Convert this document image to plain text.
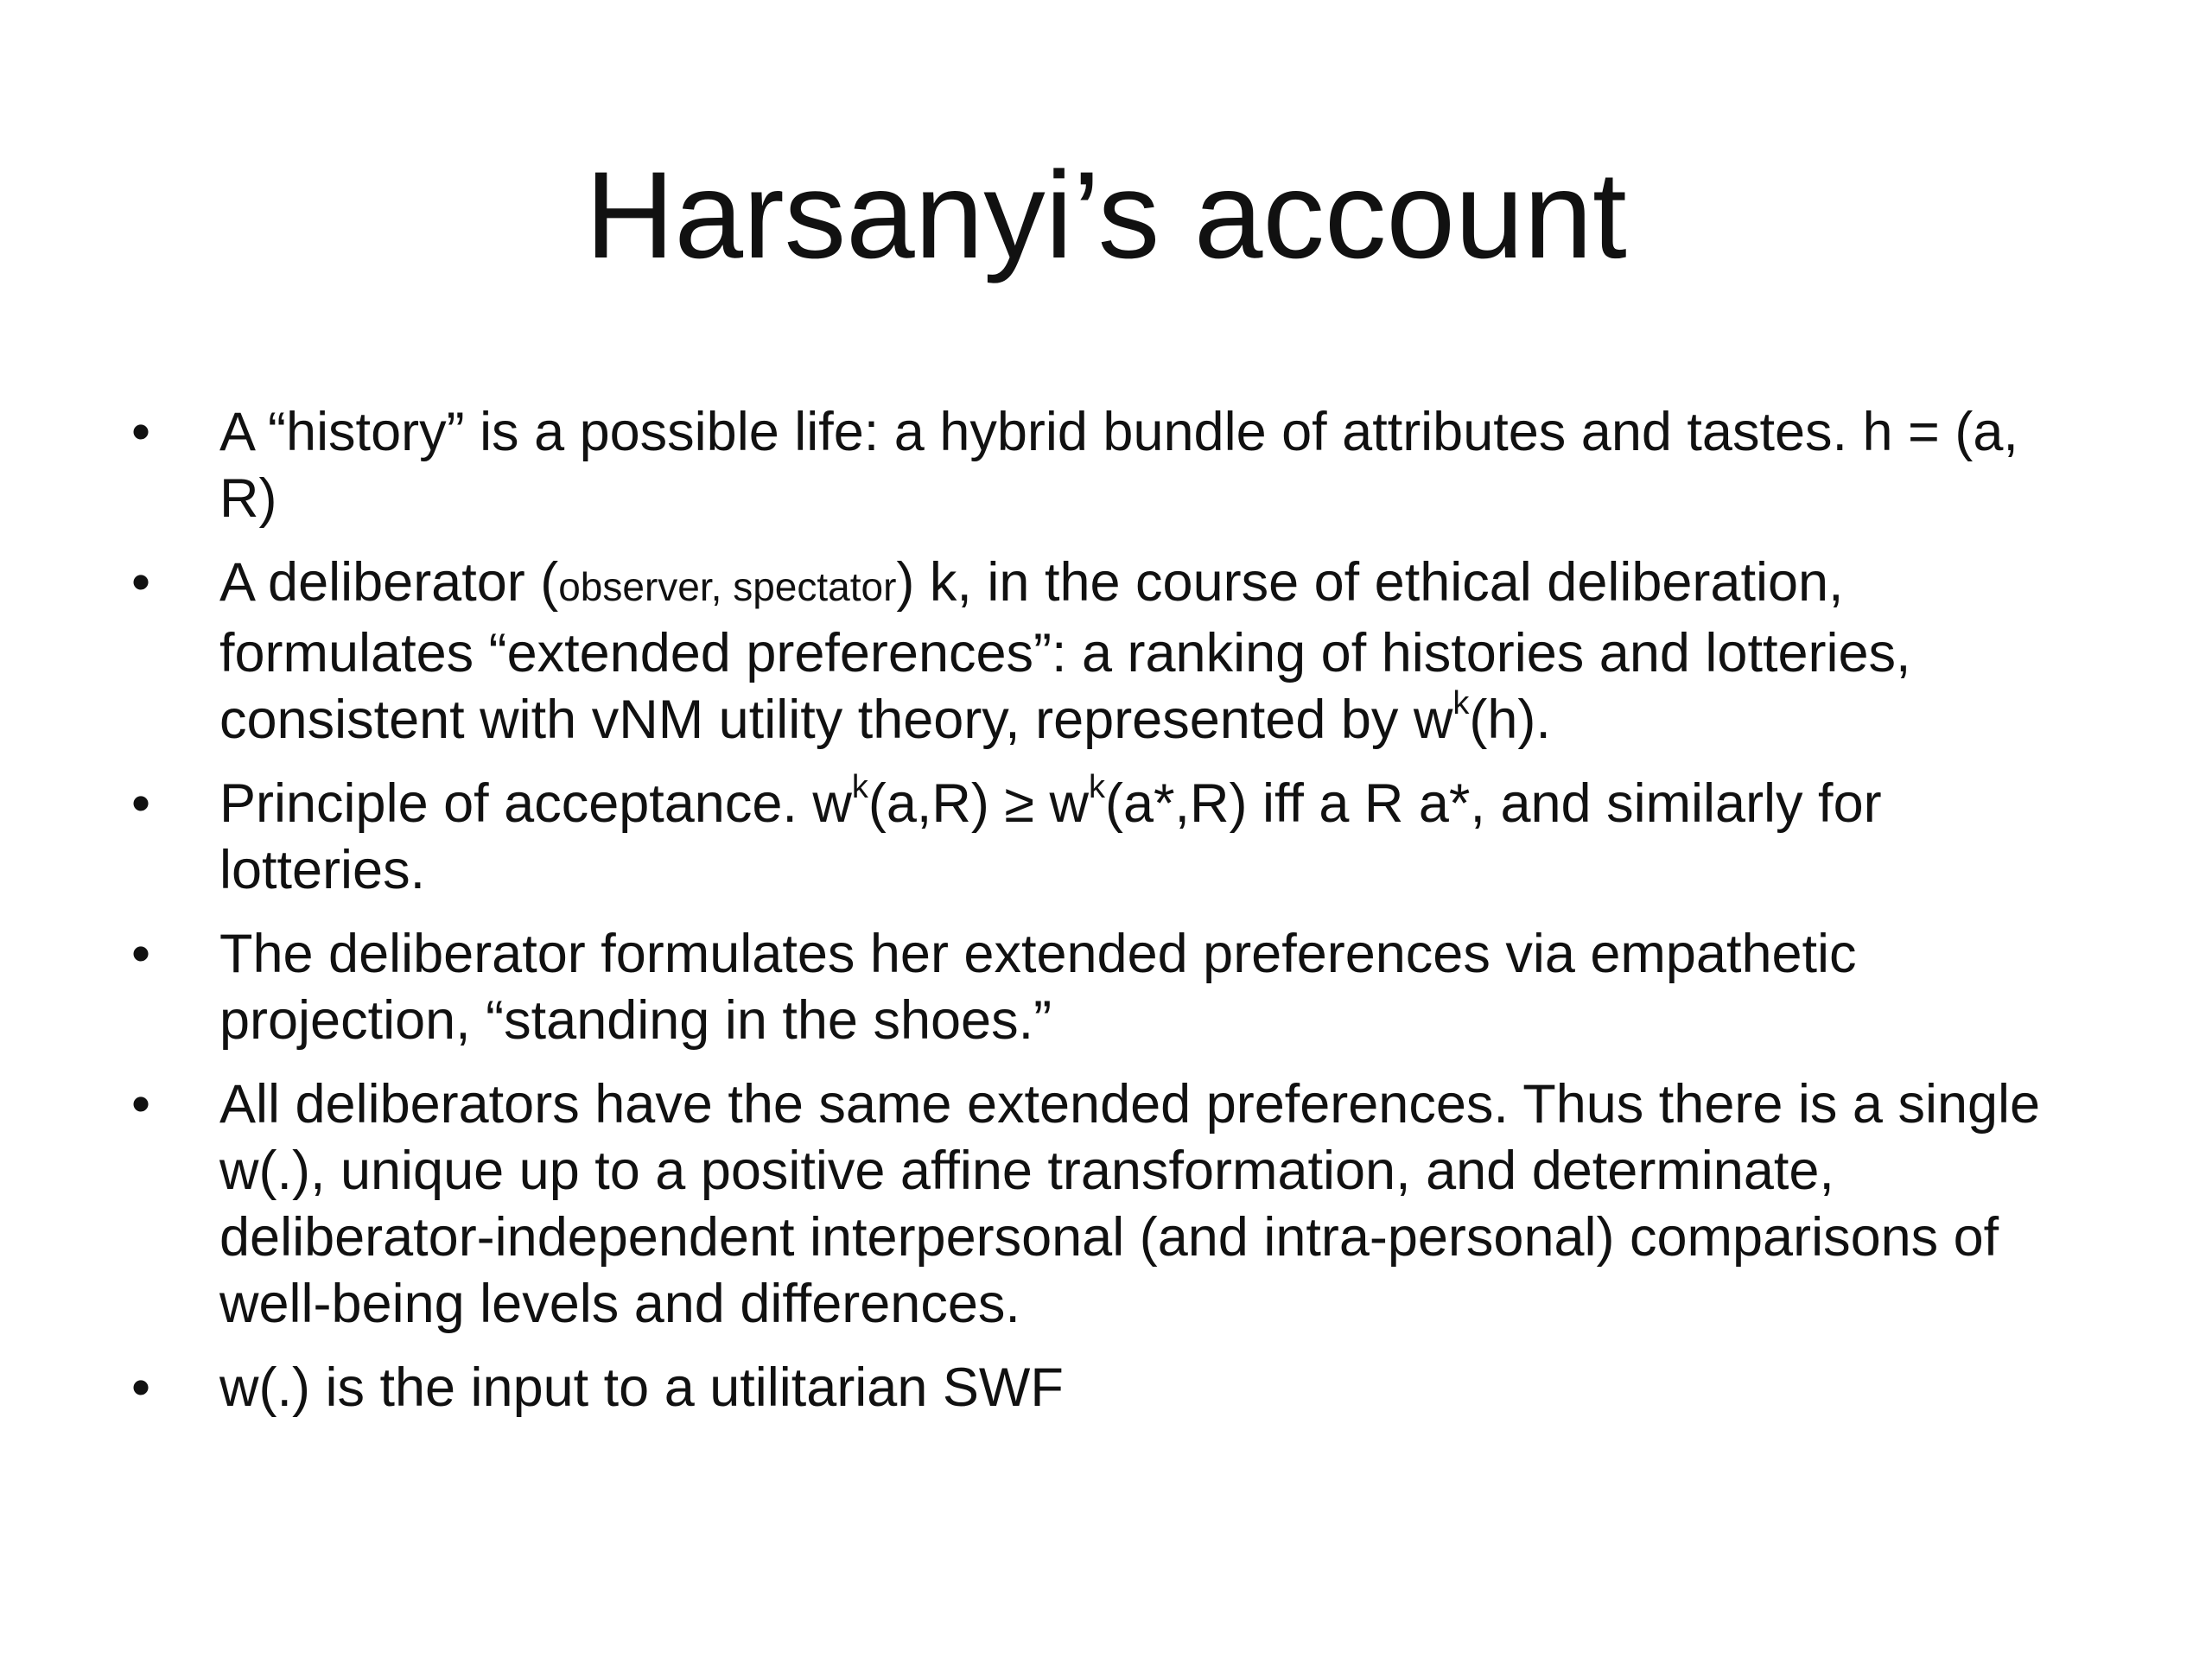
Harsanyi’s account
• A “history” is a possible life: a hybrid bundle of attributes and tastes. h = (a, R)
• A deliberator (observer, spectator) k, in the course of ethical deliberation, formulates “extended preferences”: a ranking of histories and lotteries, consistent with vNM utility theory, represented by $w^k(h)$.
• Principle of acceptance. $w^k(a,R) \ge w^k(a*,R)$ iff a R a*, and similarly for lotteries.
• The deliberator formulates her extended preferences via empathetic projection, “standing in the shoes.”
• All deliberators have the same extended preferences. Thus there is a single w(.), unique up to a positive affine transformation, and determinate, deliberator-independent interpersonal (and intra-personal) comparisons of well-being levels and differences.
• w(.) is the input to a utilitarian SWF
